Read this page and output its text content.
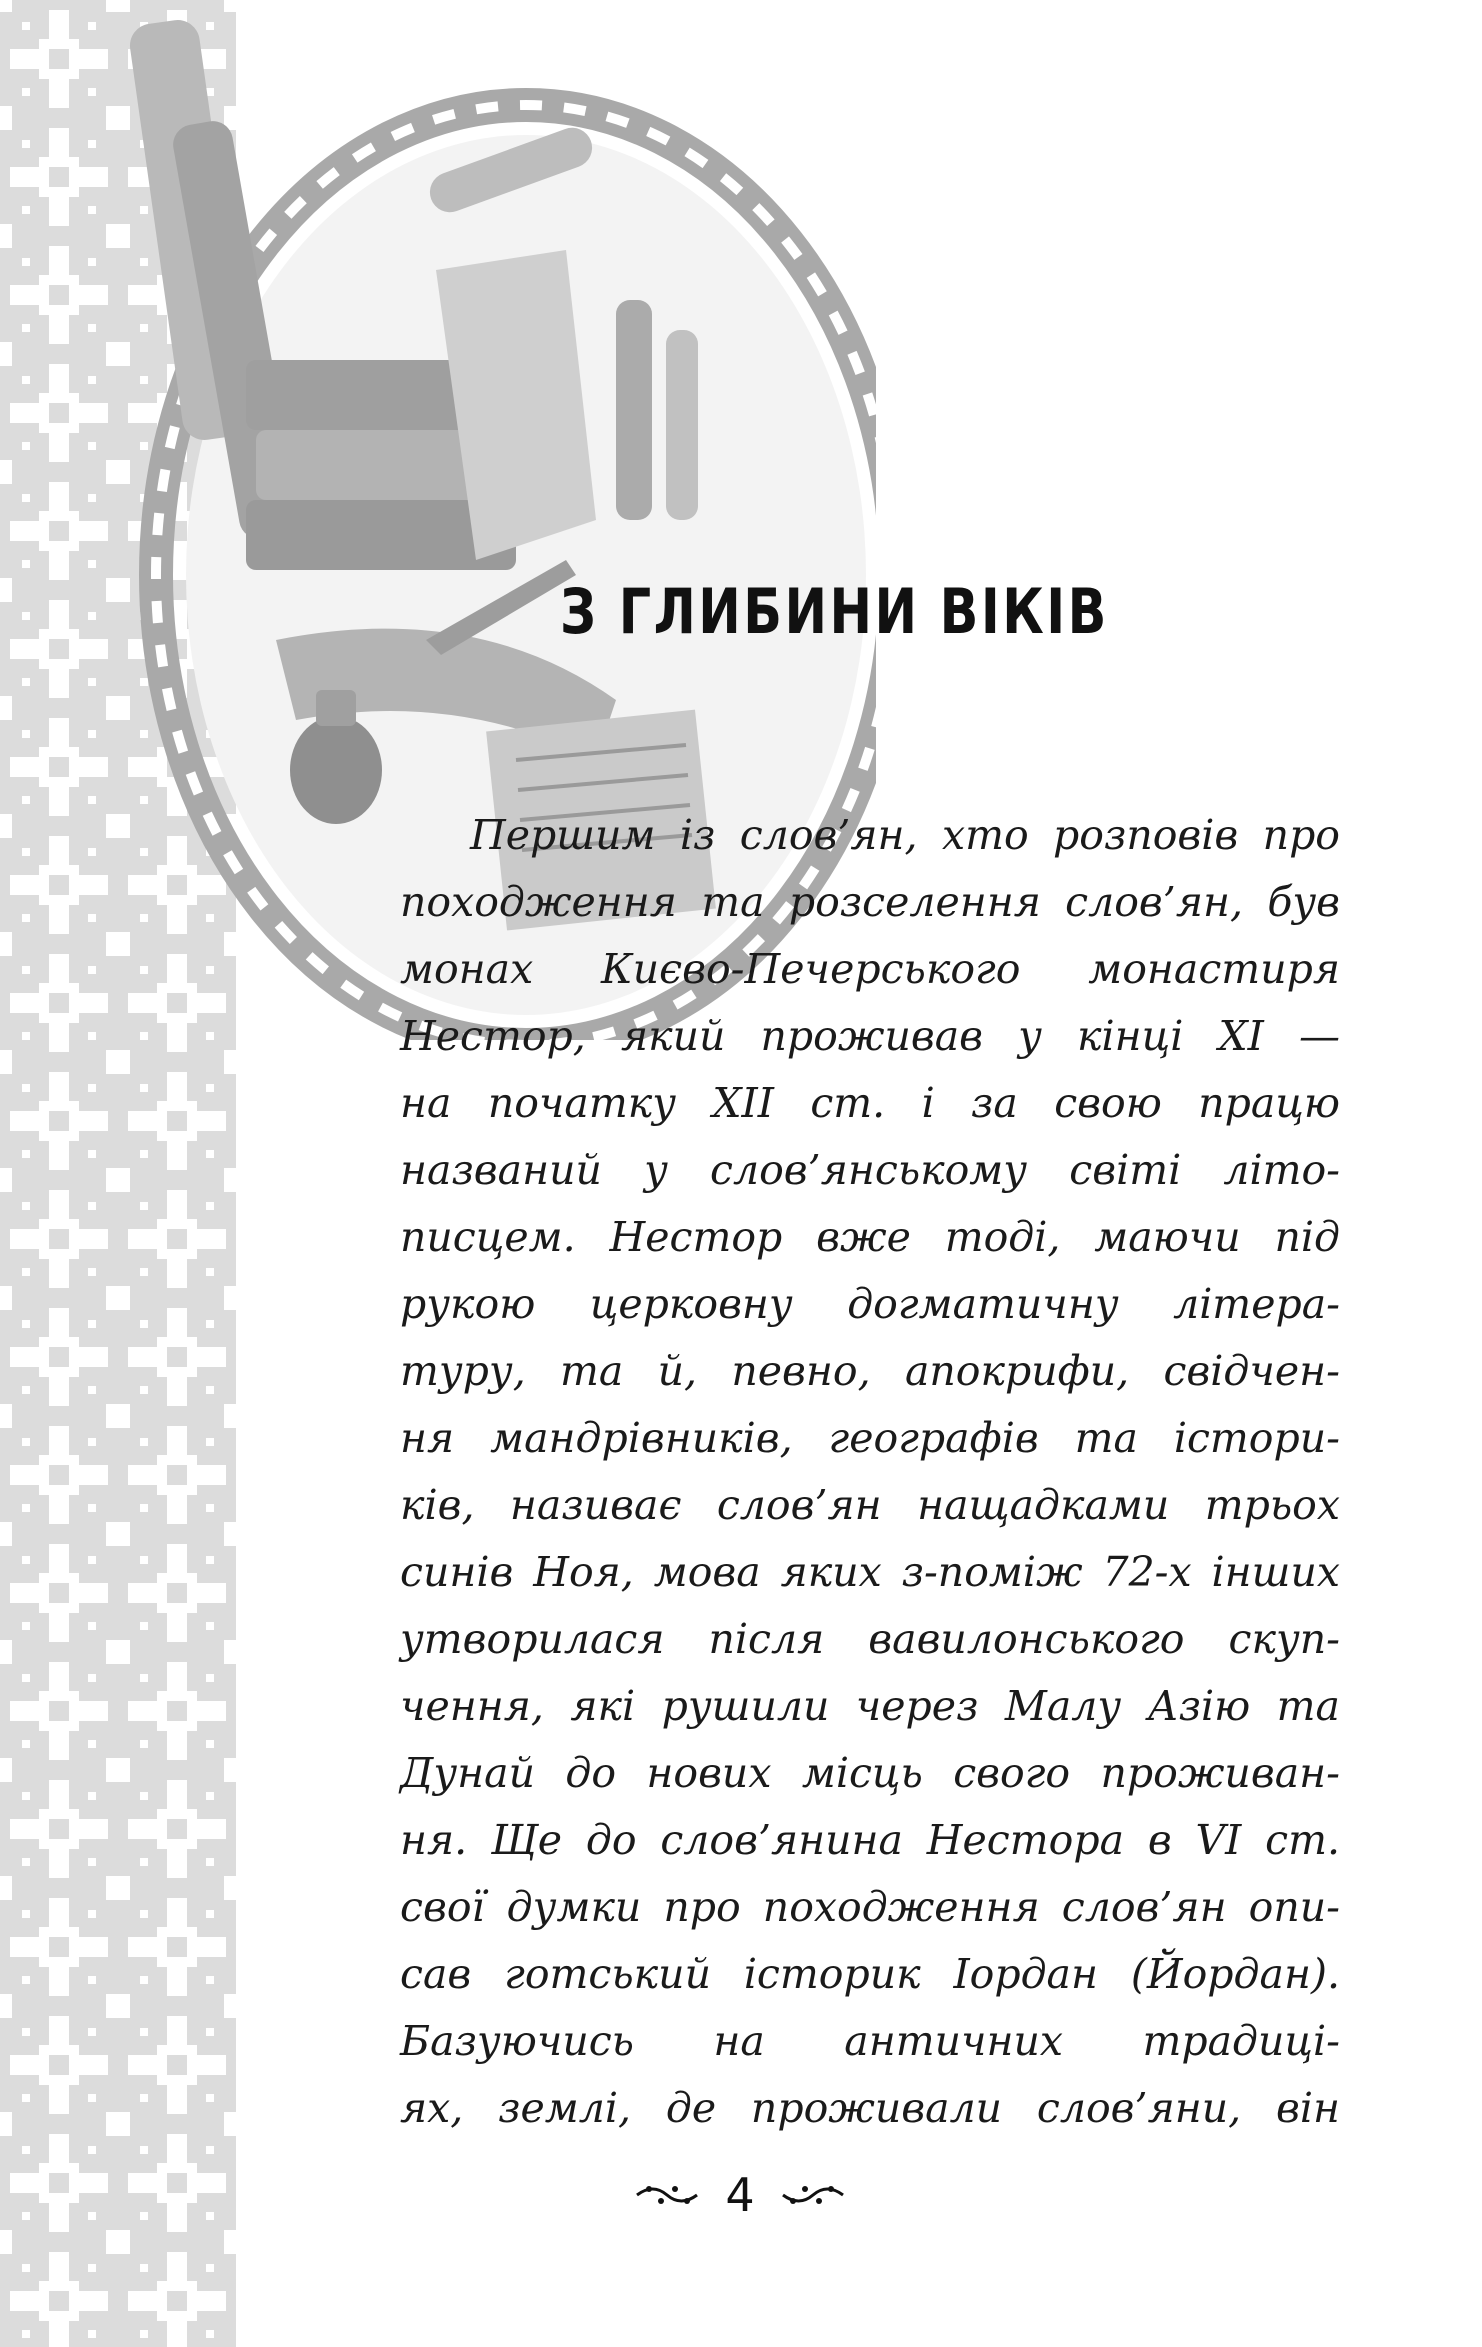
З ГЛИБИНИ ВІКІВ
Першим із слов’ян, хто розповів про
походження та розселення слов’ян, був
монах Києво-Печерського монастиря
Нестор, який проживав у кінці XI —
на початку XII ст. і за свою працю
названий у слов’янському світі літо-
писцем. Нестор вже тоді, маючи під
рукою церковну догматичну літера-
туру, та й, певно, апокрифи, свідчен-
ня мандрівників, географів та істори-
ків, називає слов’ян нащадками трьох
синів Ноя, мова яких з-поміж 72-х інших
утворилася після вавилонського скуп-
чення, які рушили через Малу Азію та
Дунай до нових місць свого проживан-
ня. Ще до слов’янина Нестора в VI ст.
свої думки про походження слов’ян опи-
сав готський історик Іордан (Йордан).
Базуючись на античних традиці-
ях, землі, де проживали слов’яни, він
4
